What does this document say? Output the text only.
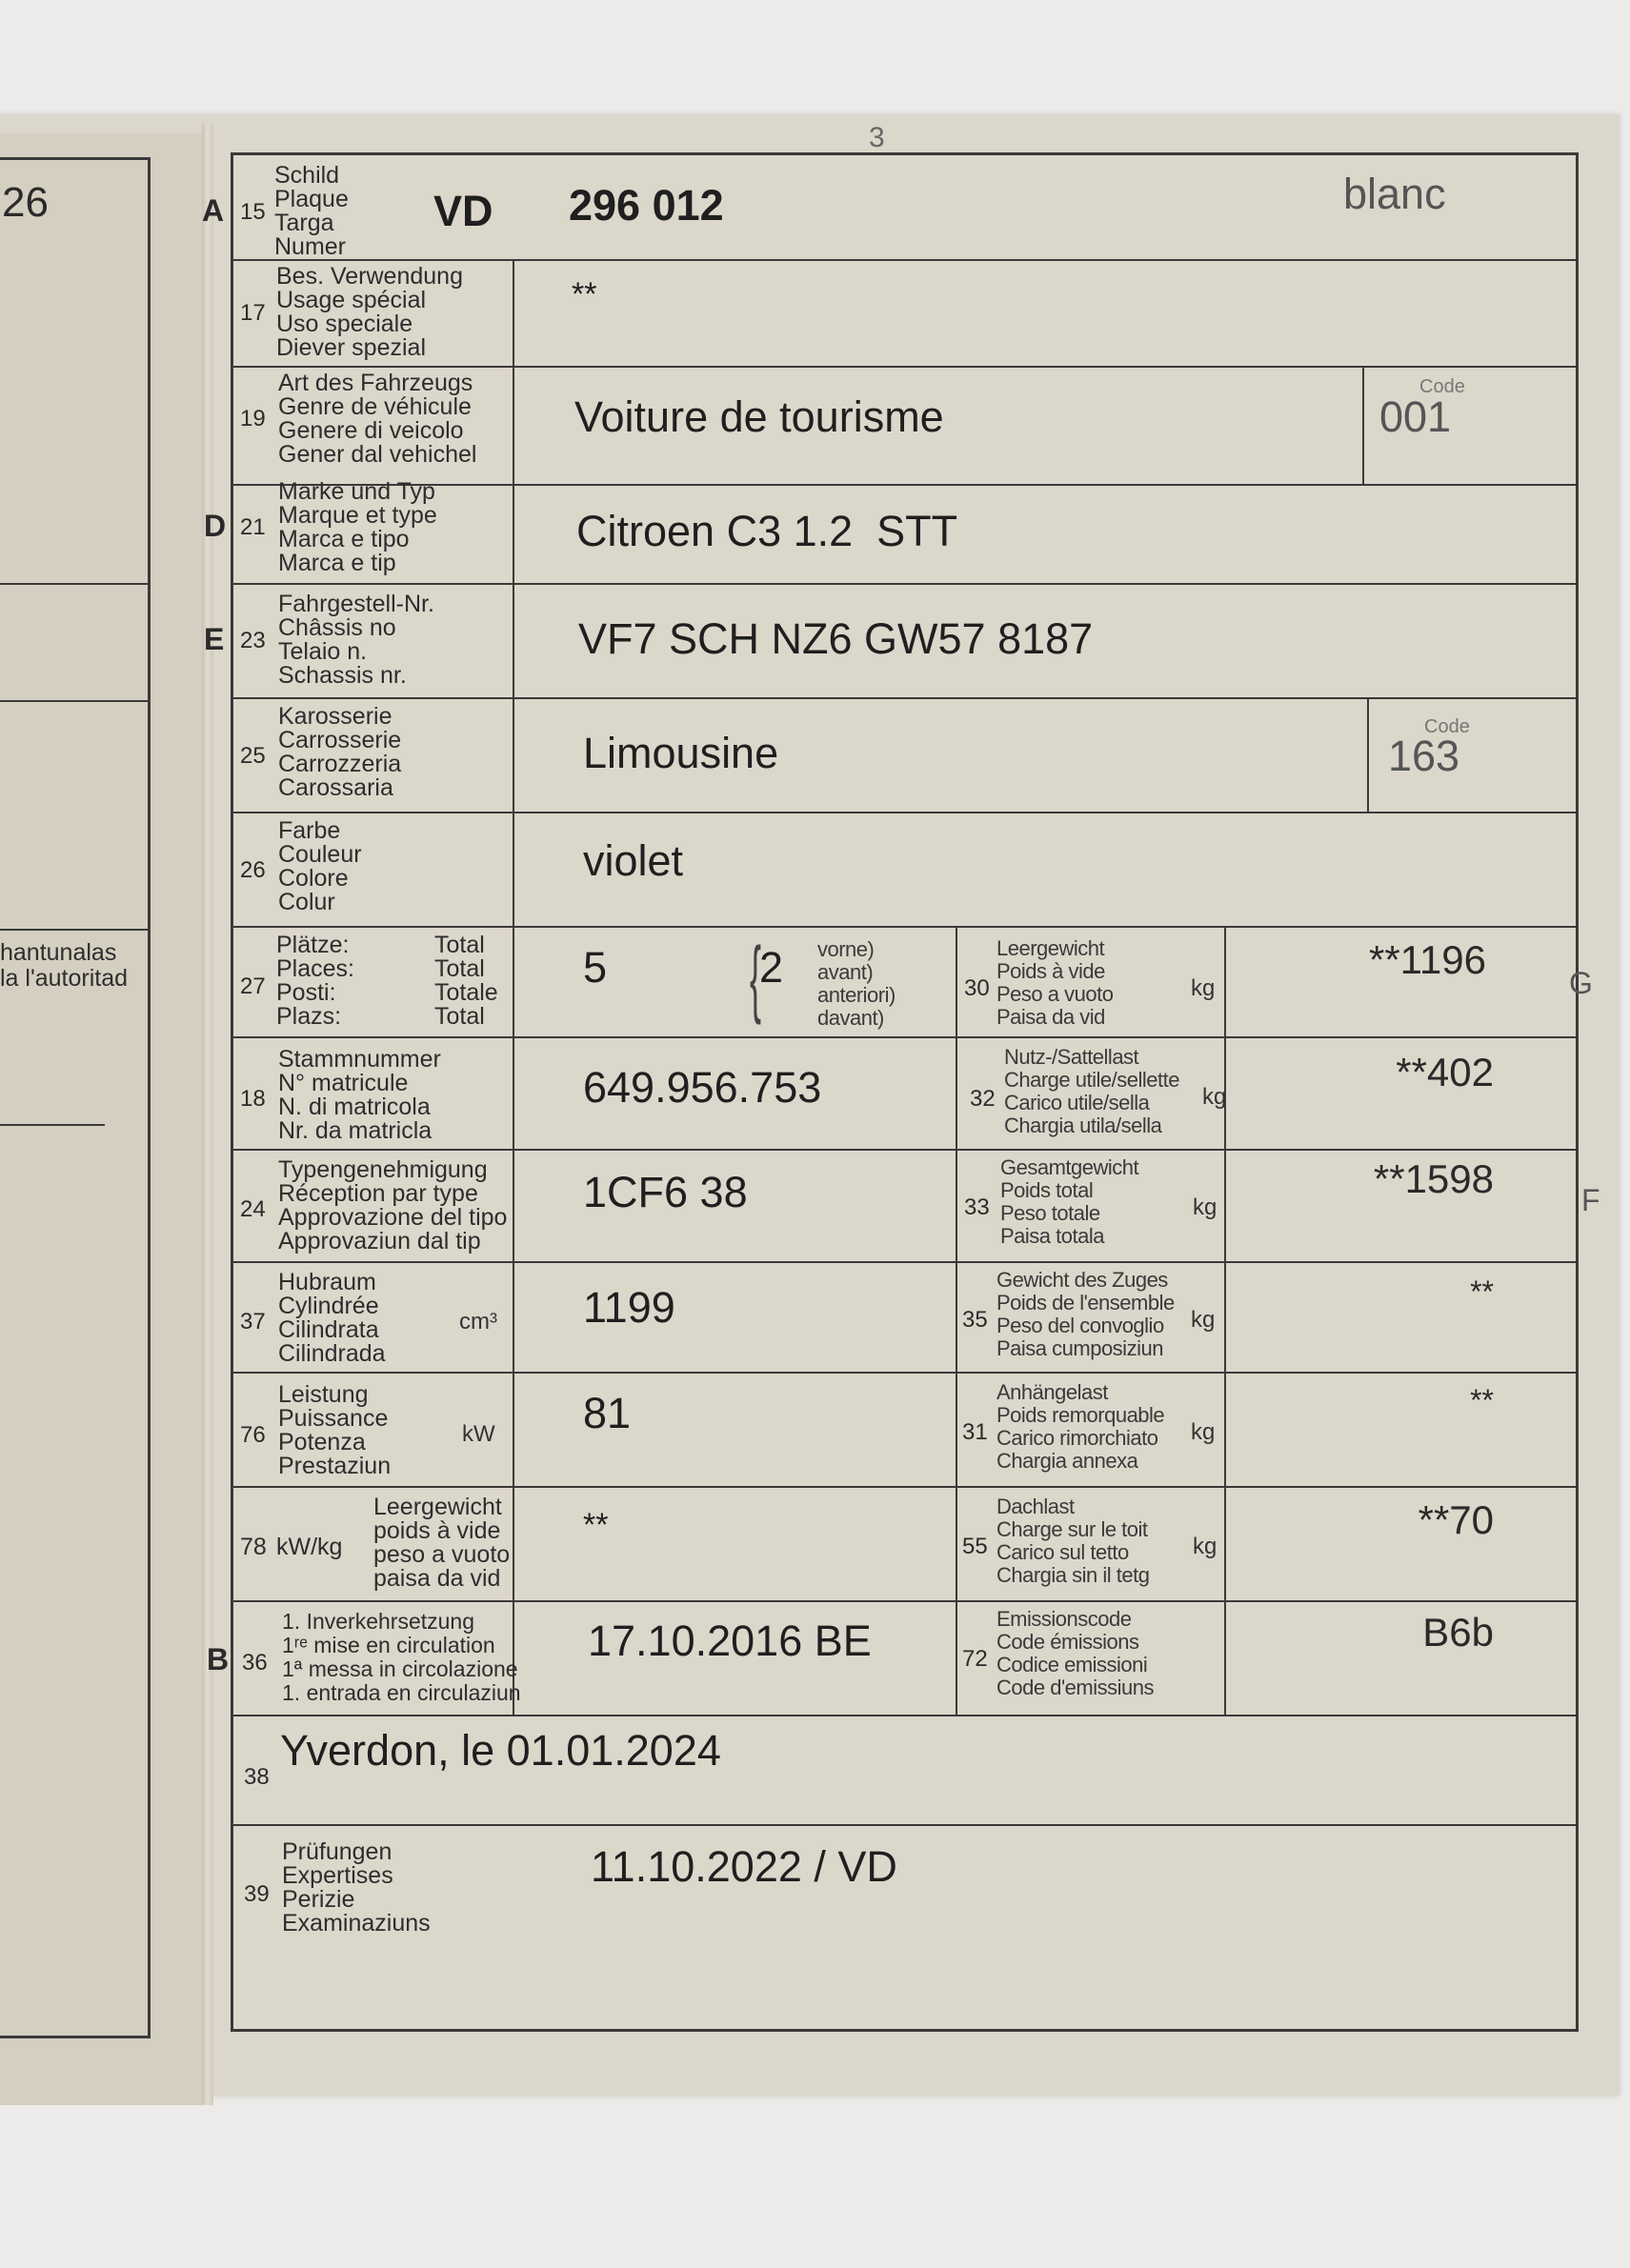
26
hantunalas
la l'autoritad
3
A 15
Schild
Plaque
Targa
Numer
VD 296 012	blanc
17
Bes. Verwendung
Usage spécial
Uso speciale
Diever spezial
**
19
Art des Fahrzeugs
Genre de véhicule
Genere di veicolo
Gener dal vehichel
Voiture de tourisme
Code
001
D 21
Marke und Typ
Marque et type
Marca e tipo
Marca e tip
Citroen C3 1.2  STT
E 23
Fahrgestell-Nr.
Châssis no
Telaio n.
Schassis nr.
VF7 SCH NZ6 GW57 8187
25
Karosserie
Carrosserie
Carrozzeria
Carossaria
Limousine
Code
163
26
Farbe
Couleur
Colore
Colur
violet
27
Plätze:
Places:
Posti:
Plazs:
Total
Total
Totale
Total
5 {
2 vorne)
avant)
anteriori)
davant)
18
Stammnummer
N° matricule
N. di matricola
Nr. da matricla
649.956.753
24
Typengenehmigung
Réception par type
Approvazione del tipo
Approvaziun dal tip
1CF6 38
37
Hubraum
Cylindrée
Cilindrata
Cilindrada
cm³ 1199
76
Leistung
Puissance
Potenza
Prestaziun
kW 81
78 kW/kg
Leergewicht
poids à vide
peso a vuoto
paisa da vid
**
B 36
1. Inverkehrsetzung
1ʳᵉ mise en circulation
1ª messa in circolazione
1. entrada en circulaziun
17.10.2016 BE
38
Yverdon, le 01.01.2024
39
Prüfungen
Expertises
Perizie
Examinaziuns
11.10.2022 / VD
30
Leergewicht
Poids à vide
Peso a vuoto
Paisa da vid
kg
**1196
G
32
Nutz-/Sattellast
Charge utile/sellette
Carico utile/sella
Chargia utila/sella
kg
**402
33
Gesamtgewicht
Poids total
Peso totale
Paisa totala
kg
**1598	F
35
Gewicht des Zuges
Poids de l'ensemble
Peso del convoglio
Paisa cumposiziun
kg
**
31
Anhängelast
Poids remorquable
Carico rimorchiato
Chargia annexa
kg
**
55
Dachlast
Charge sur le toit
Carico sul tetto
Chargia sin il tetg
kg
**70
72
Emissionscode
Code émissions
Codice emissioni
Code d'emissiuns
B6b
